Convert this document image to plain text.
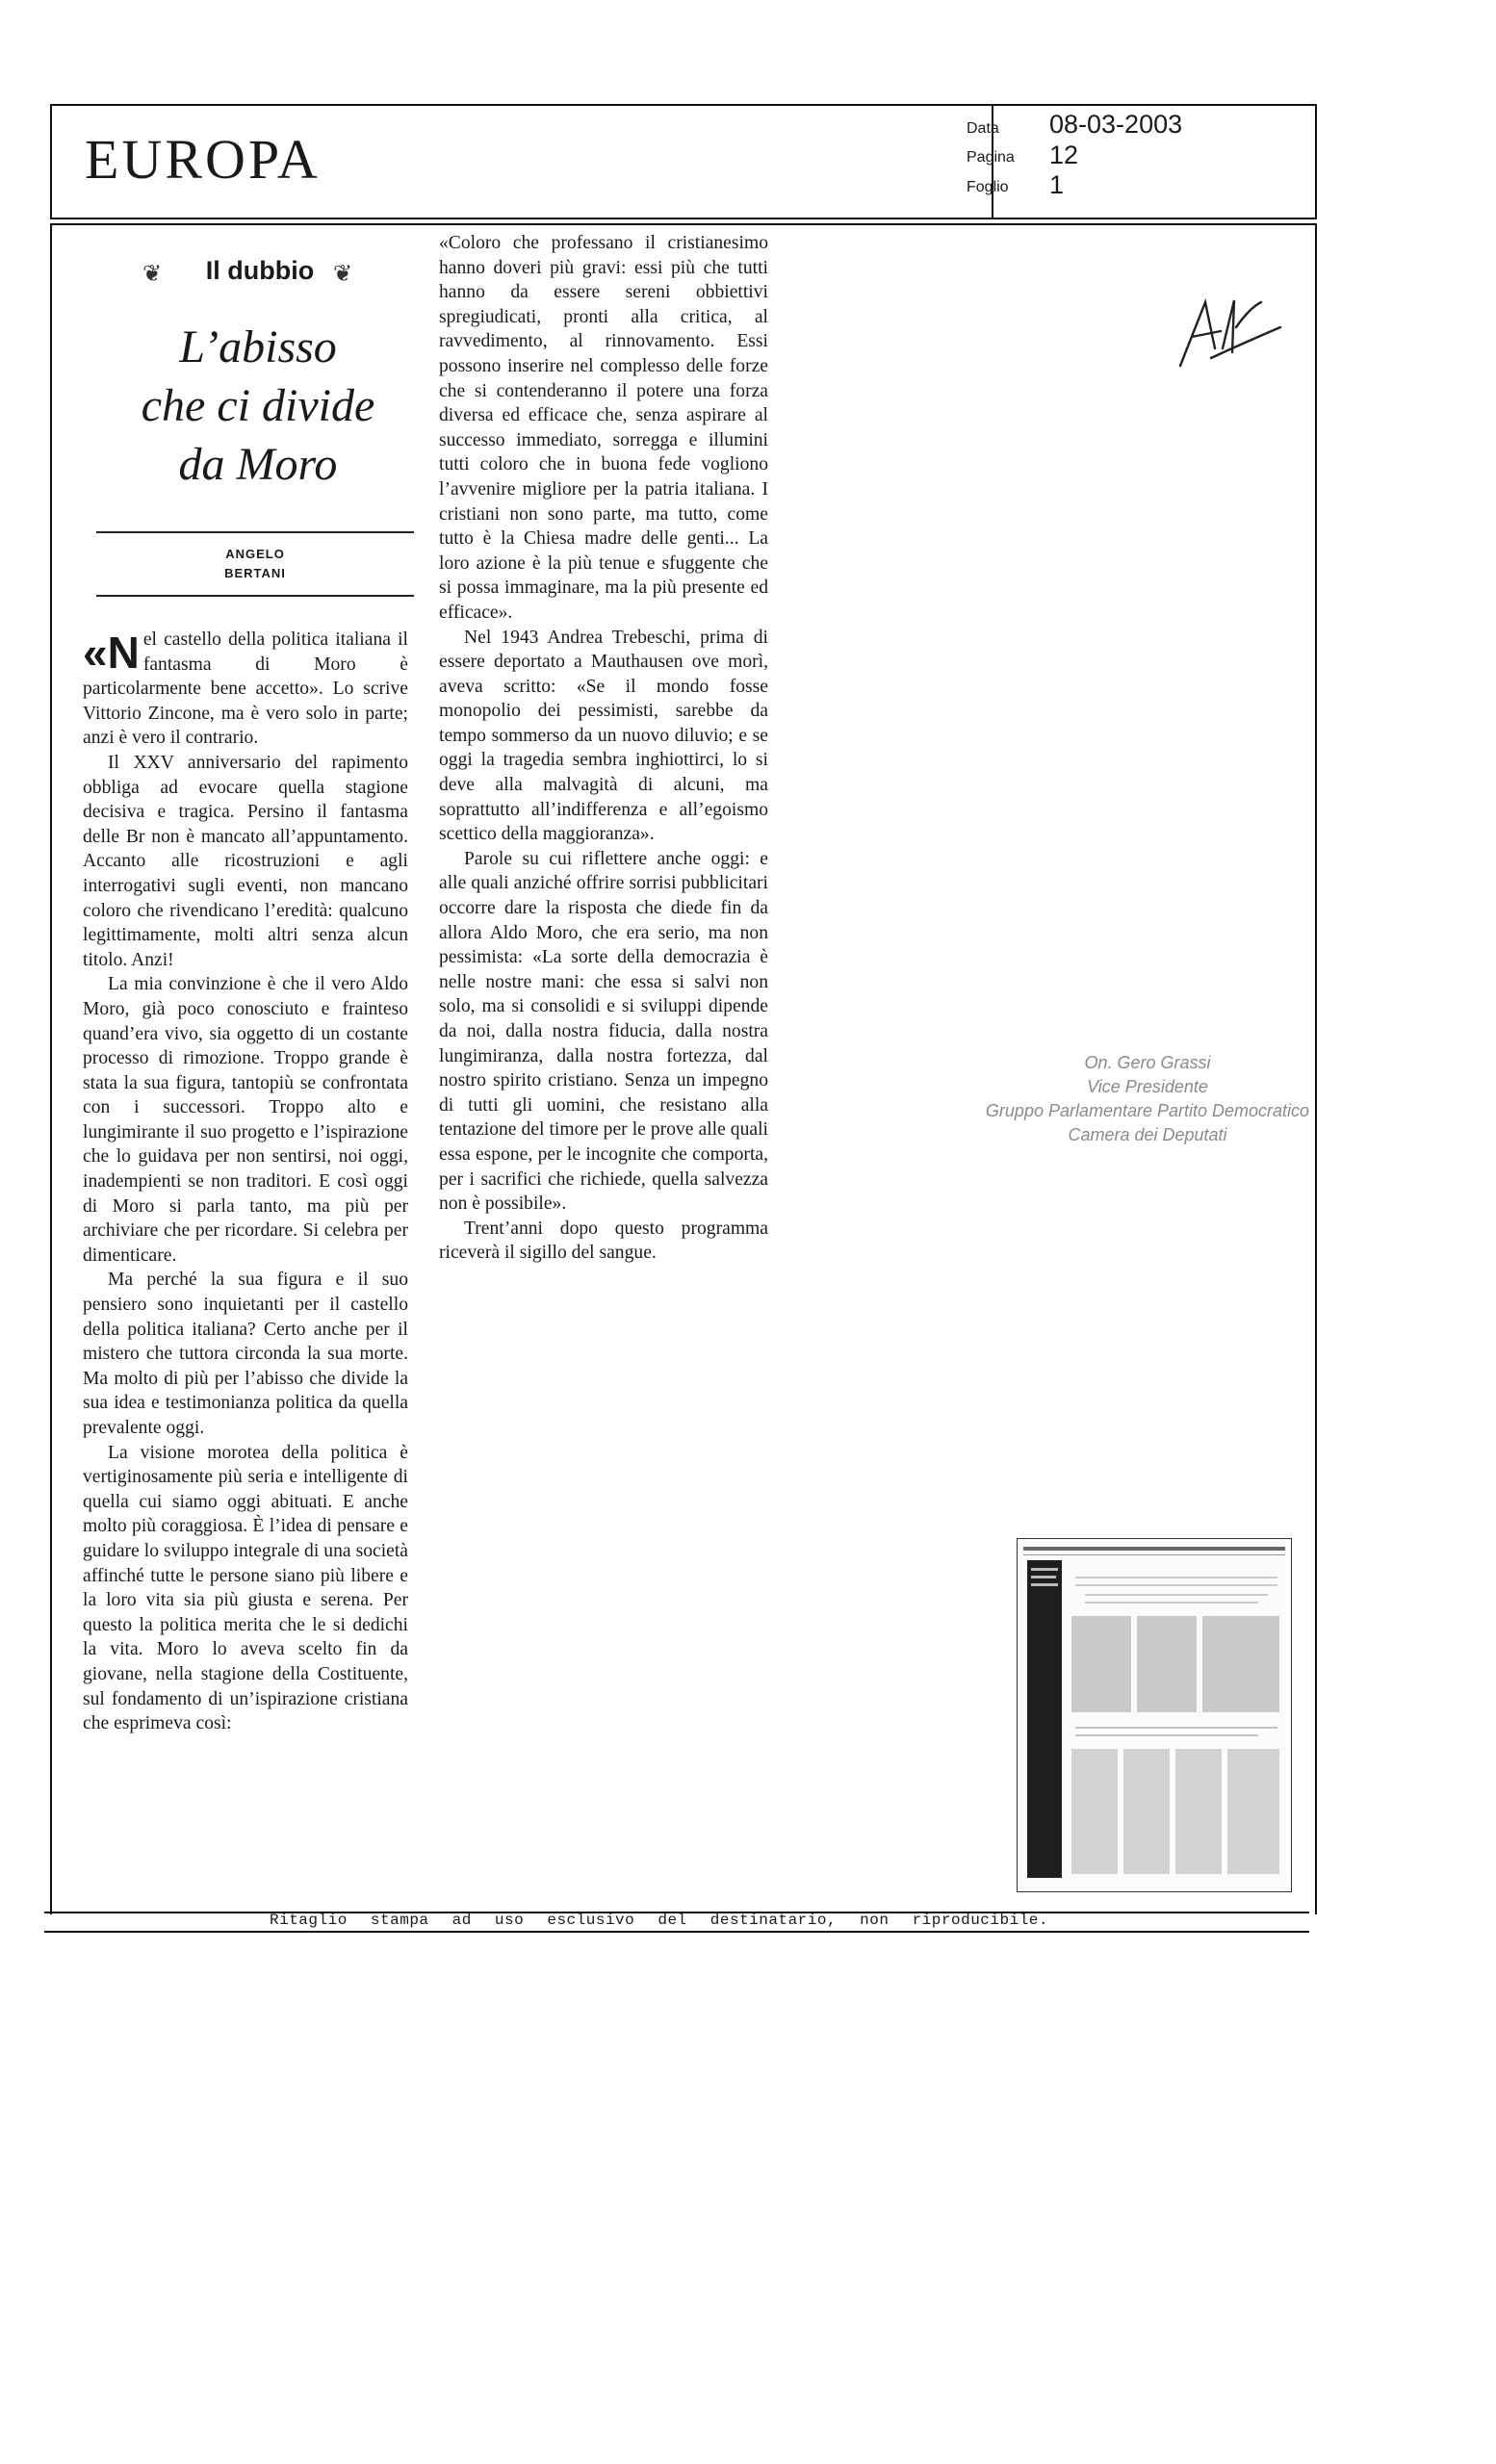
EUROPA	Data 08-03-2003
Pagina 12
Foglio 1
❦	Il dubbio ❦
L’abisso
che ci divide
da Moro
ANGELO
BERTANI

«Nel castello della politica italiana il fantasma di Moro è particolarmente bene accetto». Lo scrive Vittorio Zincone, ma è vero solo in parte; anzi è vero il contrario.

Il XXV anniversario del rapimento obbliga ad evocare quella stagione decisiva e tragica. Persino il fantasma delle Br non è mancato all’appuntamento. Accanto alle ricostruzioni e agli interrogativi sugli eventi, non mancano coloro che rivendicano l’eredità: qualcuno legittimamente, molti altri senza alcun titolo. Anzi!

La mia convinzione è che il vero Aldo Moro, già poco conosciuto e frainteso quand’era vivo, sia oggetto di un costante processo di rimozione. Troppo grande è stata la sua figura, tantopiù se confrontata con i successori. Troppo alto e lungimirante il suo progetto e l’ispirazione che lo guidava per non sentirsi, noi oggi, inadempienti se non traditori. E così oggi di Moro si parla tanto, ma più per archiviare che per ricordare. Si celebra per dimenticare.

Ma perché la sua figura e il suo pensiero sono inquietanti per il castello della politica italiana? Certo anche per il mistero che tuttora circonda la sua morte. Ma molto di più per l’abisso che divide la sua idea e testimonianza politica da quella prevalente oggi.

La visione morotea della politica è vertiginosamente più seria e intelligente di quella cui siamo oggi abituati. E anche molto più coraggiosa. È l’idea di pensare e guidare lo sviluppo integrale di una società affinché tutte le persone siano più libere e la loro vita sia più giusta e serena. Per questo la politica merita che le si dedichi la vita. Moro lo aveva scelto fin da giovane, nella stagione della Costituente, sul fondamento di un’ispirazione cristiana che esprimeva così:

«Coloro che professano il cristianesimo hanno doveri più gravi: essi più che tutti hanno da essere sereni obbiettivi spregiudicati, pronti alla critica, al ravvedimento, al rinnovamento. Essi possono inserire nel complesso delle forze che si contenderanno il potere una forza diversa ed efficace che, senza aspirare al successo immediato, sorregga e illumini tutti coloro che in buona fede vogliono l’avvenire migliore per la patria italiana. I cristiani non sono parte, ma tutto, come tutto è la Chiesa madre delle genti... La loro azione è la più tenue e sfuggente che si possa immaginare, ma la più presente ed efficace».

Nel 1943 Andrea Trebeschi, prima di essere deportato a Mauthausen ove morì, aveva scritto: «Se il mondo fosse monopolio dei pessimisti, sarebbe da tempo sommerso da un nuovo diluvio; e se oggi la tragedia sembra inghiottirci, lo si deve alla malvagità di alcuni, ma soprattutto all’indifferenza e all’egoismo scettico della maggioranza».

Parole su cui riflettere anche oggi: e alle quali anziché offrire sorrisi pubblicitari occorre dare la risposta che diede fin da allora Aldo Moro, che era serio, ma non pessimista: «La sorte della democrazia è nelle nostre mani: che essa si salvi non solo, ma si consolidi e si sviluppi dipende da noi, dalla nostra fiducia, dalla nostra lungimiranza, dalla nostra fortezza, dal nostro spirito cristiano. Senza un impegno di tutti gli uomini, che resistano alla tentazione del timore per le prove alle quali essa espone, per le incognite che comporta, per i sacrifici che richiede, quella salvezza non è possibile».

Trent’anni dopo questo programma riceverà il sigillo del sangue.

On. Gero Grassi
Vice Presidente
Gruppo Parlamentare Partito Democratico
Camera dei Deputati
Ritaglio stampa ad uso esclusivo del destinatario, non riproducibile.
